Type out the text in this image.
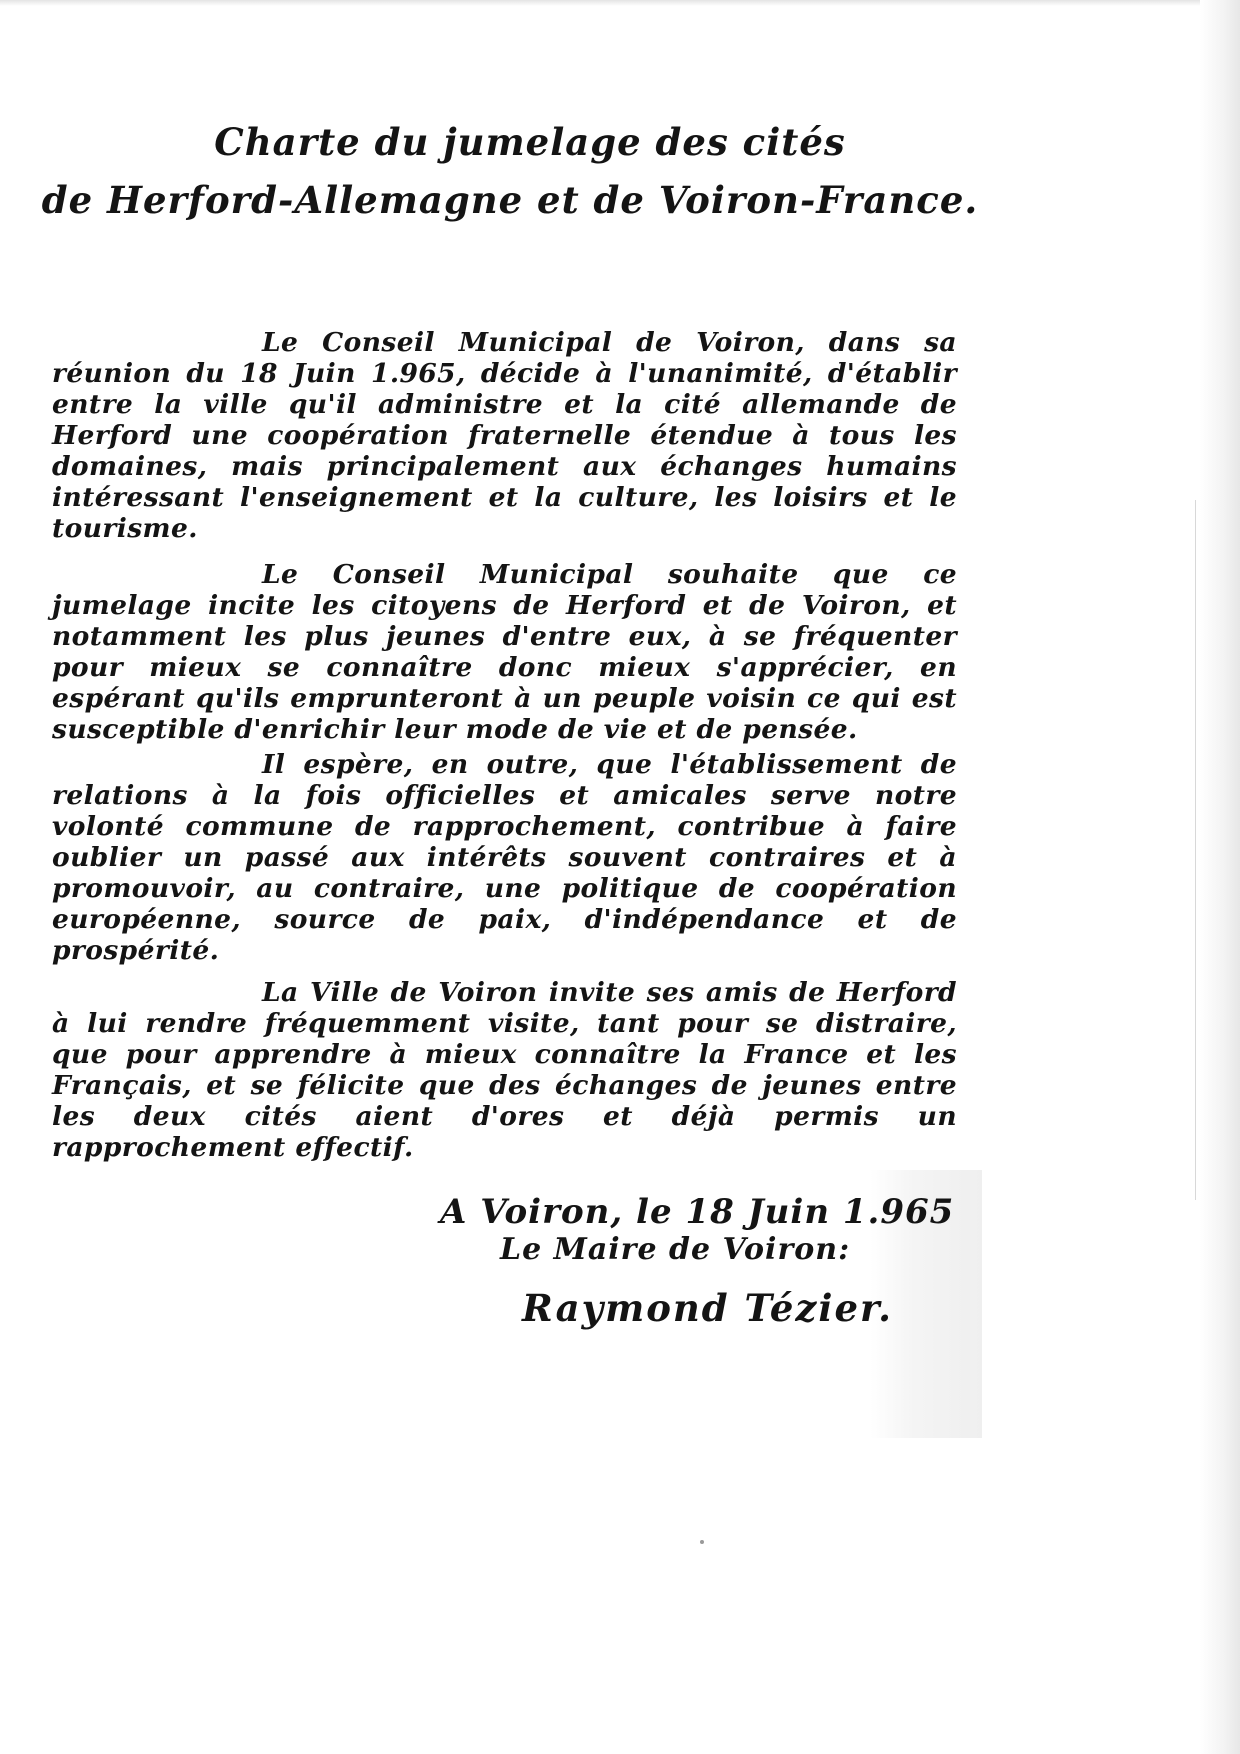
Charte du jumelage des cités
de Herford-Allemagne et de Voiron-France.

Le Conseil Municipal de Voiron, dans sa réunion du 18 Juin 1.965, décide à l'unanimité, d'établir entre la ville qu'il administre et la cité allemande de Herford une coopération fraternelle étendue à tous les domaines, mais principalement aux échanges humains intéressant l'enseignement et la culture, les loisirs et le tourisme.

Le Conseil Municipal souhaite que ce jumelage incite les citoyens de Herford et de Voiron, et notamment les plus jeunes d'entre eux, à se fréquenter pour mieux se connaître donc mieux s'apprécier, en espérant qu'ils emprunteront à un peuple voisin ce qui est susceptible d'enrichir leur mode de vie et de pensée.

Il espère, en outre, que l'établissement de relations à la fois officielles et amicales serve notre volonté commune de rapprochement, contribue à faire oublier un passé aux intérêts souvent contraires et à promouvoir, au contraire, une politique de coopération européenne, source de paix, d'indépendance et de prospérité.

La Ville de Voiron invite ses amis de Herford à lui rendre fréquemment visite, tant pour se distraire, que pour apprendre à mieux connaître la France et les Français, et se félicite que des échanges de jeunes entre les deux cités aient d'ores et déjà permis un rapprochement effectif.

A Voiron, le 18 Juin 1.965
Le Maire de Voiron:
Raymond Tézier.
